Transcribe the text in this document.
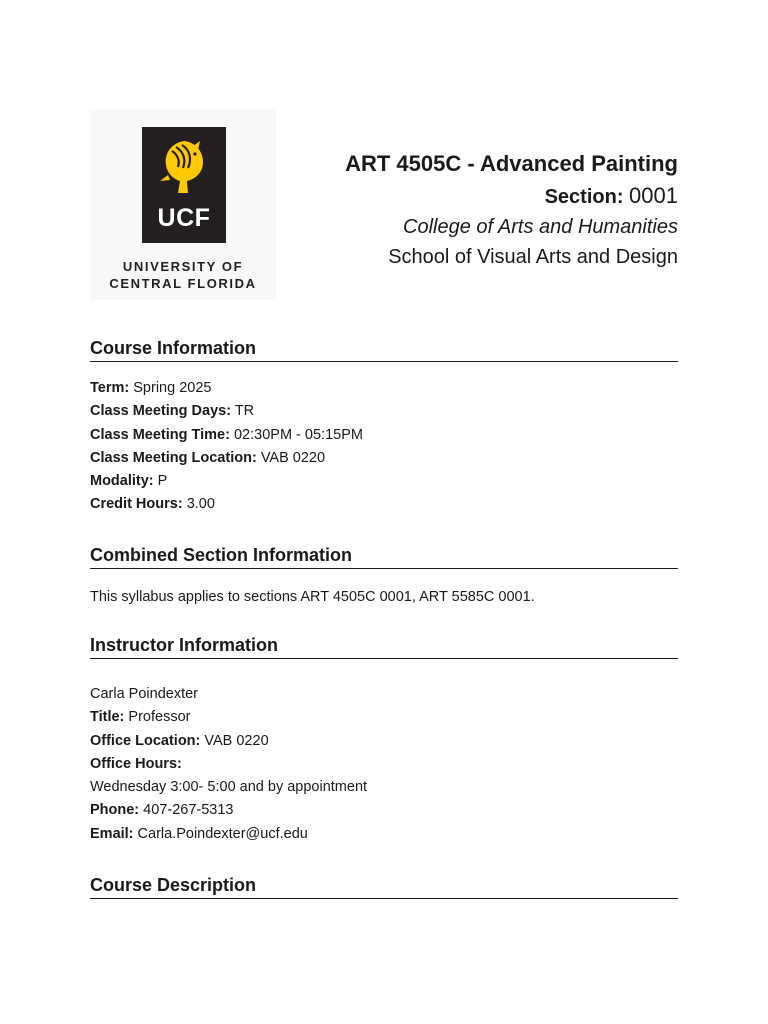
UCF
UNIVERSITY OF
CENTRAL FLORIDA
ART 4505C - Advanced Painting
Section: 0001
College of Arts and Humanities
School of Visual Arts and Design
Course Information
Term: Spring 2025
Class Meeting Days: TR
Class Meeting Time: 02:30PM - 05:15PM
Class Meeting Location: VAB 0220
Modality: P
Credit Hours: 3.00
Combined Section Information
This syllabus applies to sections ART 4505C 0001, ART 5585C 0001.
Instructor Information
Carla Poindexter
Title: Professor
Office Location: VAB 0220
Office Hours:
Wednesday 3:00- 5:00 and by appointment
Phone: 407-267-5313
Email: Carla.Poindexter@ucf.edu
Course Description
